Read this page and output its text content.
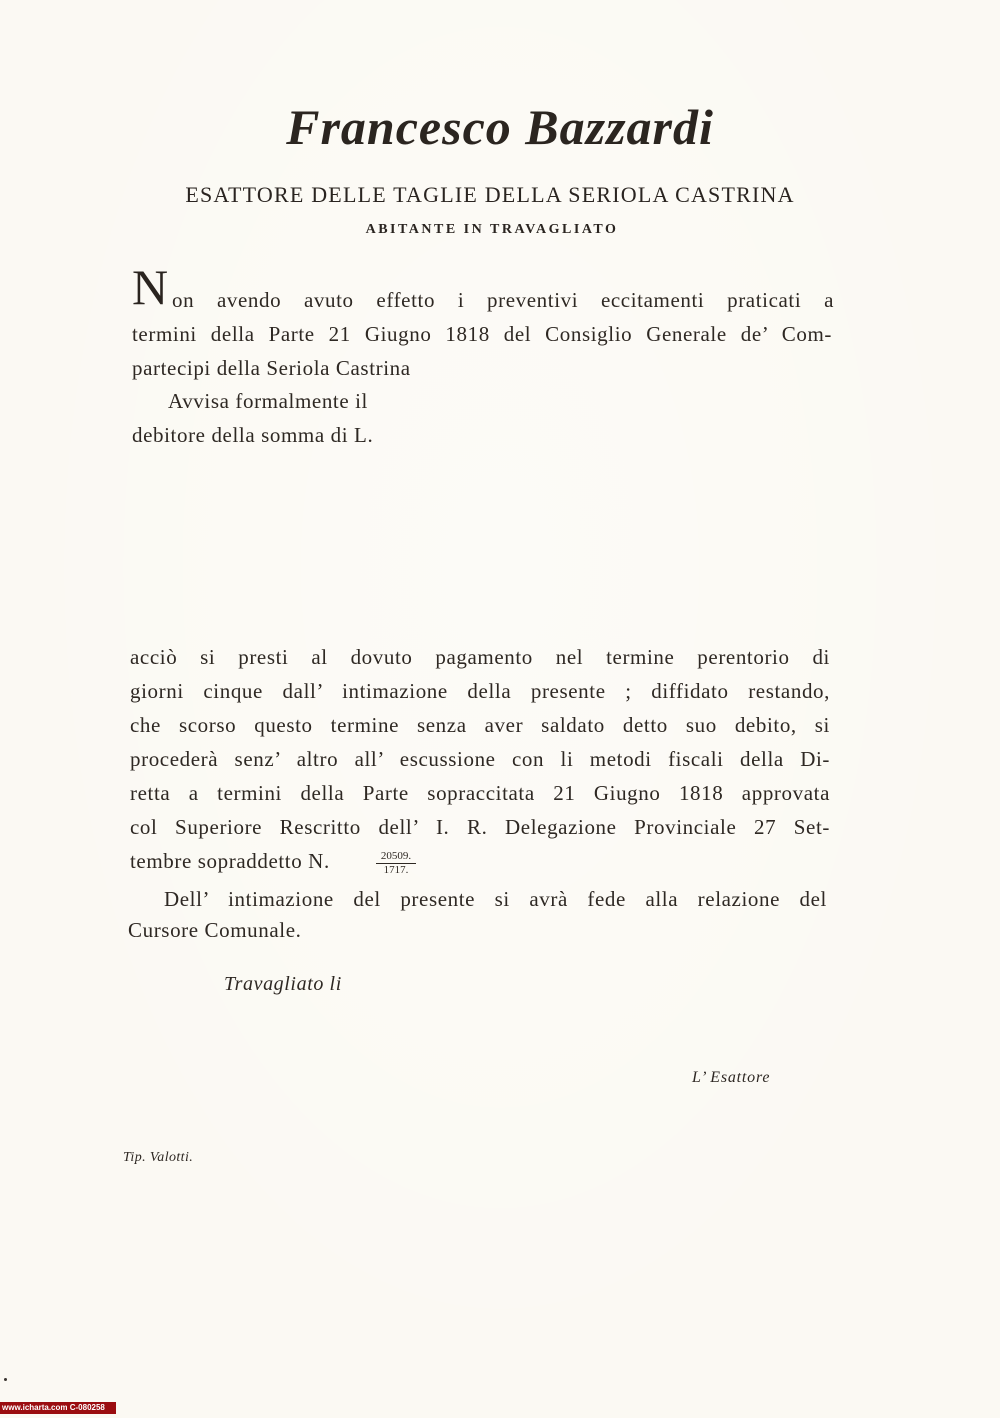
Francesco Bazzardi
ESATTORE DELLE TAGLIE DELLA SERIOLA CASTRINA
ABITANTE IN TRAVAGLIATO

N on avendo avuto effetto i preventivi eccitamenti praticati a

termini della Parte 21 Giugno 1818 del Consiglio Generale de’ Com-

partecipi della Seriola Castrina

Avvisa formalmente il

debitore della somma di L.

acciò si presti al dovuto pagamento nel termine perentorio di

giorni cinque dall’ intimazione della presente ; diffidato restando,

che scorso questo termine senza aver saldato detto suo debito, si

procederà senz’ altro all’ escussione con li metodi fiscali della Di-

retta a termini della Parte sopraccitata 21 Giugno 1818 approvata

col Superiore Rescritto dell’ I. R. Delegazione Provinciale 27 Set-

tembre sopraddetto N.	$\frac{20509.}{1717.}$

Dell’ intimazione del presente si avrà fede alla relazione del

Cursore Comunale.

Travagliato li

L’ Esattore

Tip. Valotti.

www.icharta.com C-080258
